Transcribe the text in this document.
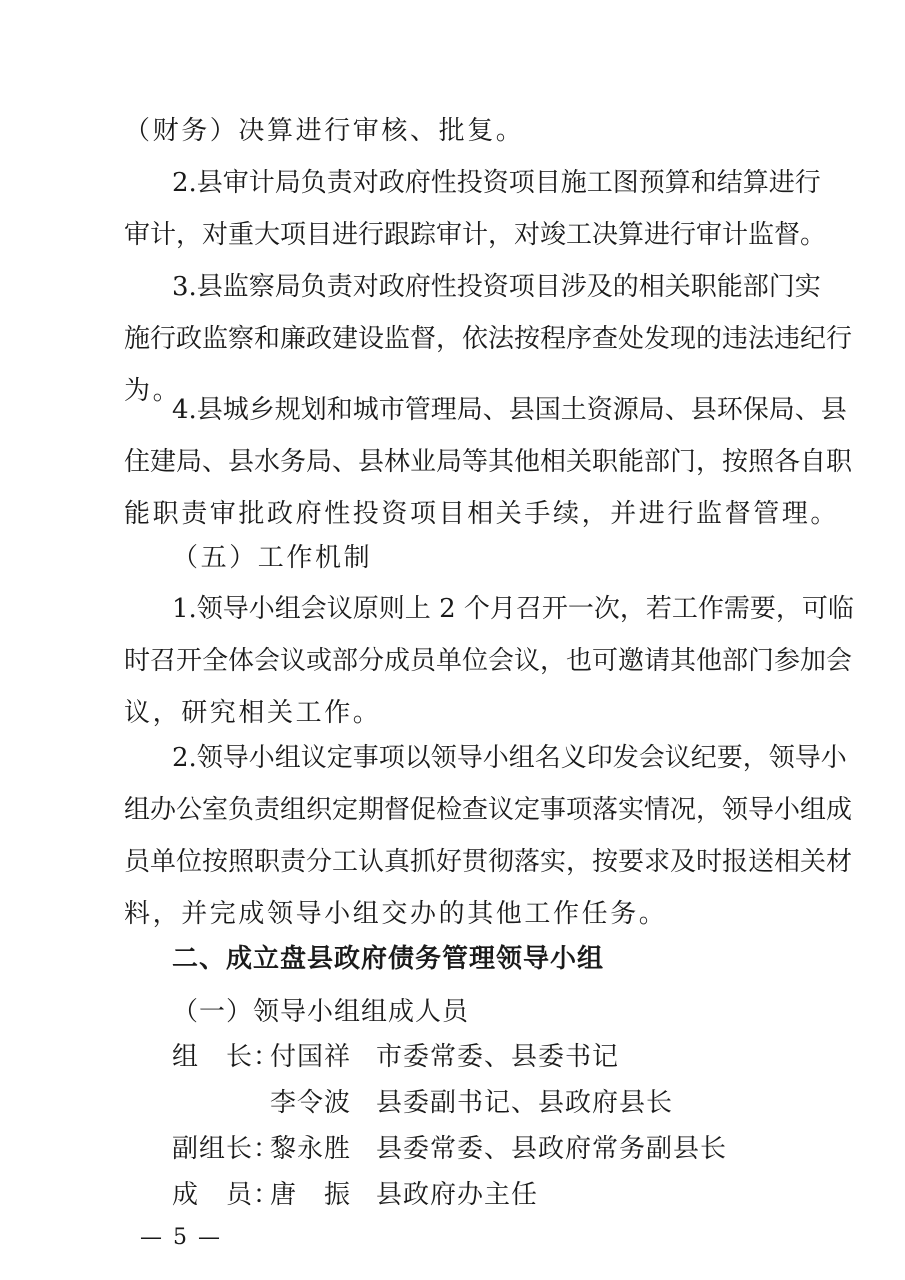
（财务）决算进行审核、批复。
2.县审计局负责对政府性投资项目施工图预算和结算进行
审计，对重大项目进行跟踪审计，对竣工决算进行审计监督。
3.县监察局负责对政府性投资项目涉及的相关职能部门实
施行政监察和廉政建设监督，依法按程序查处发现的违法违纪行
为。
4.县城乡规划和城市管理局、县国土资源局、县环保局、县
住建局、县水务局、县林业局等其他相关职能部门，按照各自职
能职责审批政府性投资项目相关手续，并进行监督管理。
（五）工作机制
1.领导小组会议原则上 2 个月召开一次，若工作需要，可临
时召开全体会议或部分成员单位会议，也可邀请其他部门参加会
议，研究相关工作。
2.领导小组议定事项以领导小组名义印发会议纪要，领导小
组办公室负责组织定期督促检查议定事项落实情况，领导小组成
员单位按照职责分工认真抓好贯彻落实，按要求及时报送相关材
料，并完成领导小组交办的其他工作任务。
二、成立盘县政府债务管理领导小组
（一）领导小组组成人员
组　长：
付国祥 市委常委、县委书记
李令波 县委副书记、县政府县长
副组长：
黎永胜 县委常委、县政府常务副县长
成　员：
唐　振 县政府办主任
— 5 —
